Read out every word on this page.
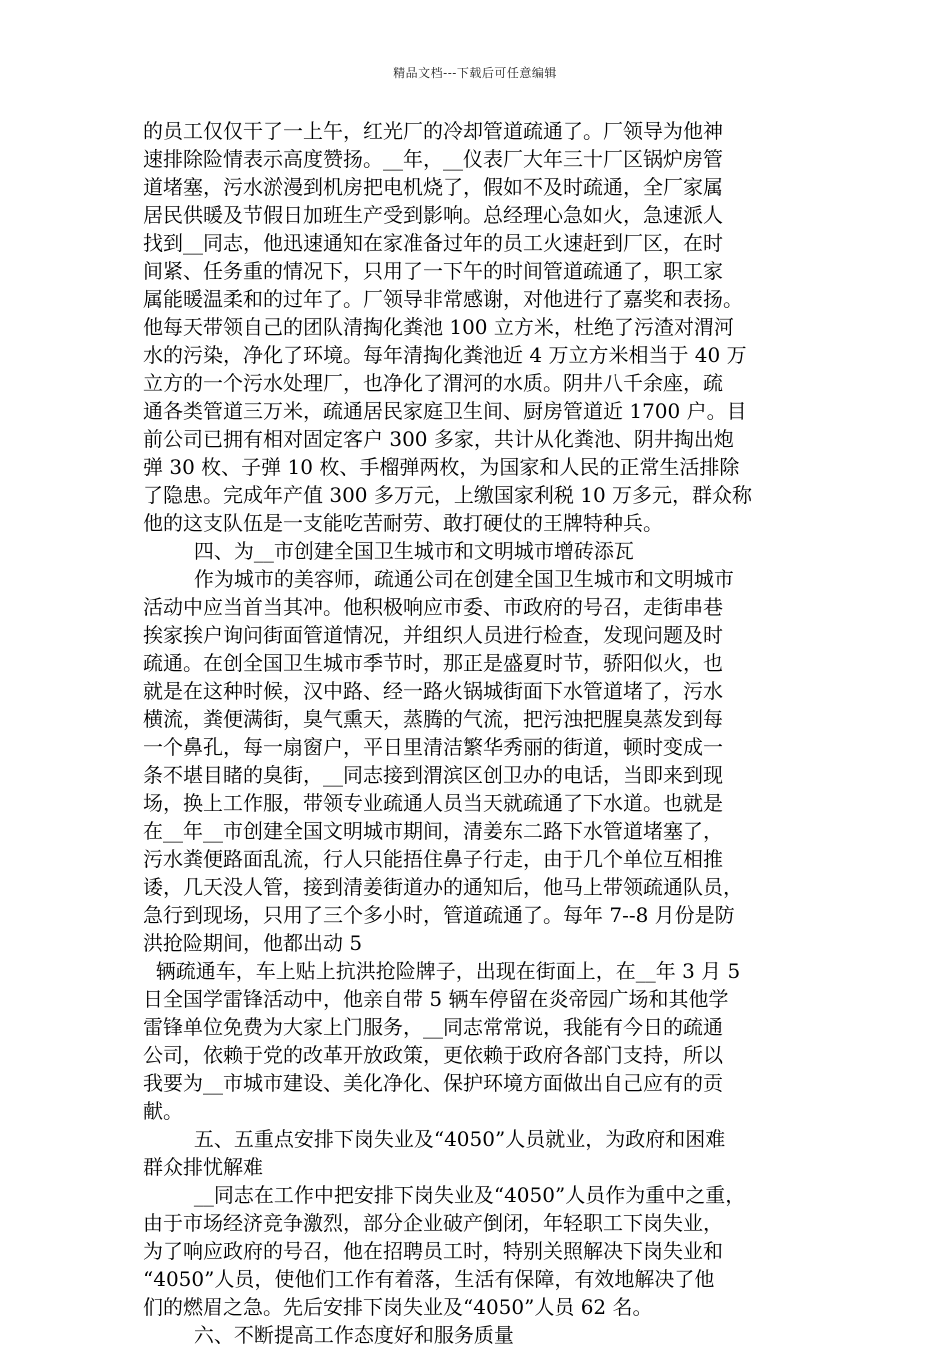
精品文档---下载后可任意编辑
的员工仅仅干了一上午，红光厂的冷却管道疏通了。厂领导为他神
速排除险情表示高度赞扬。__年，__仪表厂大年三十厂区锅炉房管
道堵塞，污水淤漫到机房把电机烧了，假如不及时疏通，全厂家属
居民供暖及节假日加班生产受到影响。总经理心急如火，急速派人
找到__同志，他迅速通知在家准备过年的员工火速赶到厂区，在时
间紧、任务重的情况下，只用了一下午的时间管道疏通了，职工家
属能暖温柔和的过年了。厂领导非常感谢，对他进行了嘉奖和表扬。
他每天带领自己的团队清掏化粪池 100 立方米，杜绝了污渣对渭河
水的污染，净化了环境。每年清掏化粪池近 4 万立方米相当于 40 万
立方的一个污水处理厂，也净化了渭河的水质。阴井八千余座，疏
通各类管道三万米，疏通居民家庭卫生间、厨房管道近 1700 户。目
前公司已拥有相对固定客户 300 多家，共计从化粪池、阴井掏出炮
弹 30 枚、子弹 10 枚、手榴弹两枚，为国家和人民的正常生活排除
了隐患。完成年产值 300 多万元，上缴国家利税 10 万多元，群众称
他的这支队伍是一支能吃苦耐劳、敢打硬仗的王牌特种兵。
四、为__市创建全国卫生城市和文明城市增砖添瓦
作为城市的美容师，疏通公司在创建全国卫生城市和文明城市
活动中应当首当其冲。他积极响应市委、市政府的号召，走街串巷
挨家挨户询问街面管道情况，并组织人员进行检查，发现问题及时
疏通。在创全国卫生城市季节时，那正是盛夏时节，骄阳似火，也
就是在这种时候，汉中路、经一路火锅城街面下水管道堵了，污水
横流，粪便满街，臭气熏天，蒸腾的气流，把污浊把腥臭蒸发到每
一个鼻孔，每一扇窗户，平日里清洁繁华秀丽的街道，顿时变成一
条不堪目睹的臭街，__同志接到渭滨区创卫办的电话，当即来到现
场，换上工作服，带领专业疏通人员当天就疏通了下水道。也就是
在__年__市创建全国文明城市期间，清姜东二路下水管道堵塞了，
污水粪便路面乱流，行人只能捂住鼻子行走，由于几个单位互相推
诿，几天没人管，接到清姜街道办的通知后，他马上带领疏通队员，
急行到现场，只用了三个多小时，管道疏通了。每年 7--8 月份是防
洪抢险期间，他都出动 5
辆疏通车，车上贴上抗洪抢险牌子，出现在街面上，在__年 3 月 5
日全国学雷锋活动中，他亲自带 5 辆车停留在炎帝园广场和其他学
雷锋单位免费为大家上门服务，__同志常常说，我能有今日的疏通
公司，依赖于党的改革开放政策，更依赖于政府各部门支持，所以
我要为__市城市建设、美化净化、保护环境方面做出自己应有的贡
献。
五、五重点安排下岗失业及“4050”人员就业，为政府和困难
群众排忧解难
__同志在工作中把安排下岗失业及“4050”人员作为重中之重，
由于市场经济竞争激烈，部分企业破产倒闭，年轻职工下岗失业，
为了响应政府的号召，他在招聘员工时，特别关照解决下岗失业和
“4050”人员，使他们工作有着落，生活有保障，有效地解决了他
们的燃眉之急。先后安排下岗失业及“4050”人员 62 名。
六、不断提高工作态度好和服务质量
